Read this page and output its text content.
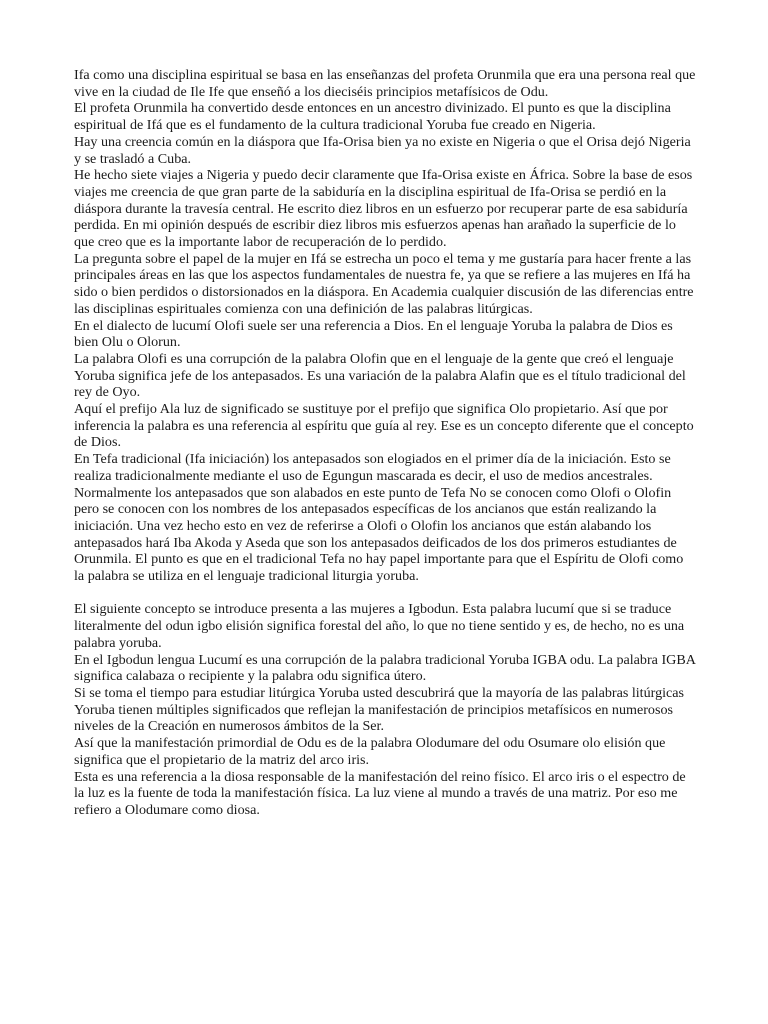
Ifa como una disciplina espiritual se basa en las enseñanzas del profeta Orunmila que era una persona real que vive en la ciudad de Ile Ife que enseñó a los dieciséis principios metafísicos de Odu.

El profeta Orunmila ha convertido desde entonces en un ancestro divinizado. El punto es que la disciplina espiritual de Ifá que es el fundamento de la cultura tradicional Yoruba fue creado en Nigeria.

Hay una creencia común en la diáspora que Ifa-Orisa bien ya no existe en Nigeria o que el Orisa dejó Nigeria y se trasladó a Cuba.

He hecho siete viajes a Nigeria y puedo decir claramente que Ifa-Orisa existe en África. Sobre la base de esos viajes me creencia de que gran parte de la sabiduría en la disciplina espiritual de Ifa-Orisa se perdió en la diáspora durante la travesía central. He escrito diez libros en un esfuerzo por recuperar parte de esa sabiduría perdida. En mi opinión después de escribir diez libros mis esfuerzos apenas han arañado la superficie de lo que creo que es la importante labor de recuperación de lo perdido.

La pregunta sobre el papel de la mujer en Ifá se estrecha un poco el tema y me gustaría para hacer frente a las principales áreas en las que los aspectos fundamentales de nuestra fe, ya que se refiere a las mujeres en Ifá ha sido o bien perdidos o distorsionados en la diáspora. En Academia cualquier discusión de las diferencias entre las disciplinas espirituales comienza con una definición de las palabras litúrgicas.

En el dialecto de lucumí Olofi suele ser una referencia a Dios. En el lenguaje Yoruba la palabra de Dios es bien Olu o Olorun.

La palabra Olofi es una corrupción de la palabra Olofin que en el lenguaje de la gente que creó el lenguaje Yoruba significa jefe de los antepasados. Es una variación de la palabra Alafin que es el título tradicional del rey de Oyo.

Aquí el prefijo Ala luz de significado se sustituye por el prefijo que significa Olo propietario. Así que por inferencia la palabra es una referencia al espíritu que guía al rey. Ese es un concepto diferente que el concepto de Dios.

En Tefa tradicional (Ifa iniciación) los antepasados son elogiados en el primer día de la iniciación. Esto se realiza tradicionalmente mediante el uso de Egungun mascarada es decir, el uso de medios ancestrales. Normalmente los antepasados que son alabados en este punto de Tefa No se conocen como Olofi o Olofin pero se conocen con los nombres de los antepasados específicas de los ancianos que están realizando la iniciación. Una vez hecho esto en vez de referirse a Olofi o Olofin los ancianos que están alabando los antepasados hará Iba Akoda y Aseda que son los antepasados deificados de los dos primeros estudiantes de Orunmila. El punto es que en el tradicional Tefa no hay papel importante para que el Espíritu de Olofi como la palabra se utiliza en el lenguaje tradicional liturgia yoruba.

El siguiente concepto se introduce presenta a las mujeres a Igbodun. Esta palabra lucumí que si se traduce literalmente del odun igbo elisión significa forestal del año, lo que no tiene sentido y es, de hecho, no es una palabra yoruba.

En el Igbodun lengua Lucumí es una corrupción de la palabra tradicional Yoruba IGBA odu. La palabra IGBA significa calabaza o recipiente y la palabra odu significa útero.

Si se toma el tiempo para estudiar litúrgica Yoruba usted descubrirá que la mayoría de las palabras litúrgicas Yoruba tienen múltiples significados que reflejan la manifestación de principios metafísicos en numerosos niveles de la Creación en numerosos ámbitos de la Ser.

Así que la manifestación primordial de Odu es de la palabra Olodumare del odu Osumare olo elisión que significa que el propietario de la matriz del arco iris.

Esta es una referencia a la diosa responsable de la manifestación del reino físico. El arco iris o el espectro de la luz es la fuente de toda la manifestación física. La luz viene al mundo a través de una matriz. Por eso me refiero a Olodumare como diosa.
